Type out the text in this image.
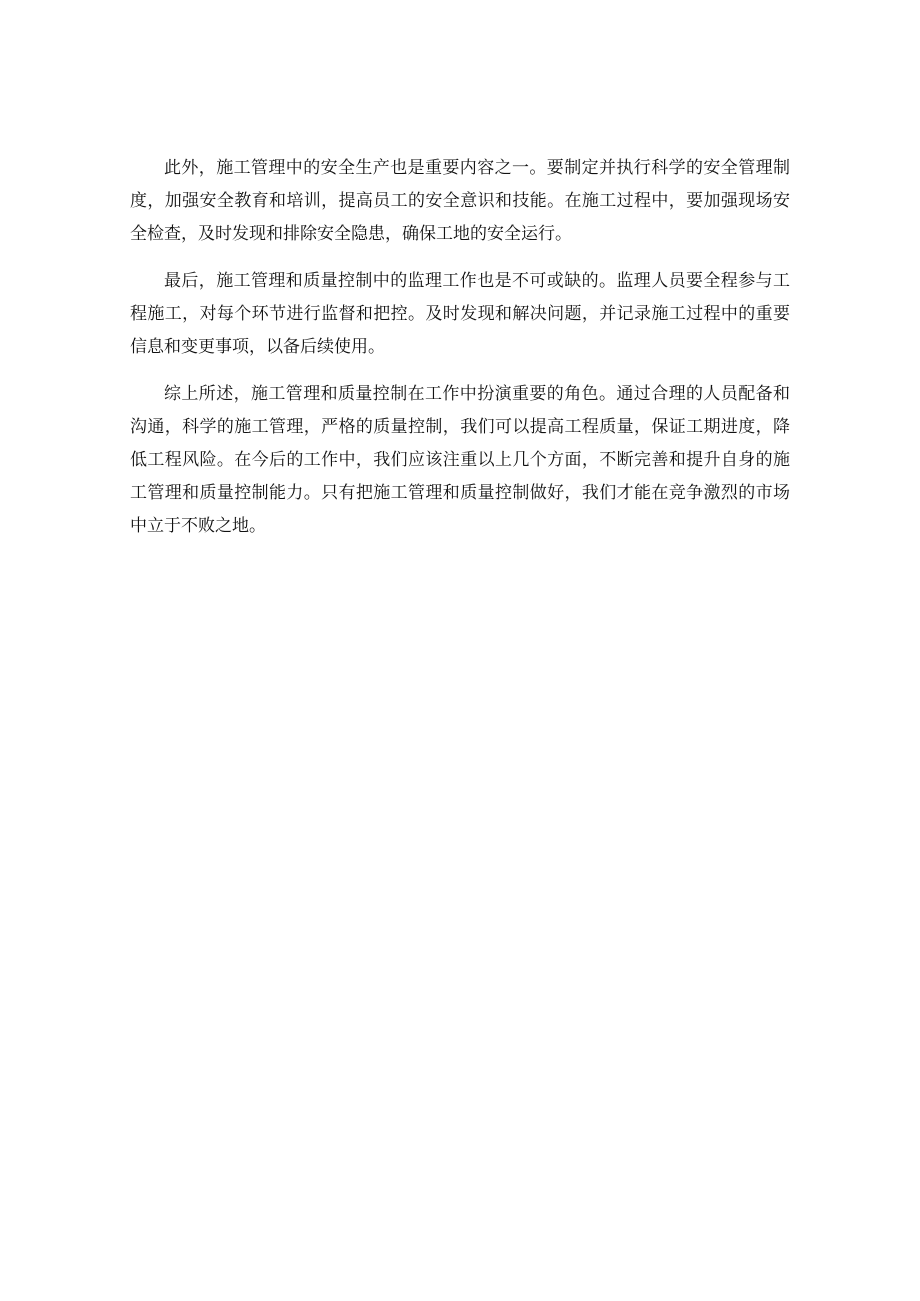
此外，施工管理中的安全生产也是重要内容之一。要制定并执行科学的安全管理制度，加强安全教育和培训，提高员工的安全意识和技能。在施工过程中，要加强现场安全检查，及时发现和排除安全隐患，确保工地的安全运行。

最后，施工管理和质量控制中的监理工作也是不可或缺的。监理人员要全程参与工程施工，对每个环节进行监督和把控。及时发现和解决问题，并记录施工过程中的重要信息和变更事项，以备后续使用。

综上所述，施工管理和质量控制在工作中扮演重要的角色。通过合理的人员配备和沟通，科学的施工管理，严格的质量控制，我们可以提高工程质量，保证工期进度，降低工程风险。在今后的工作中，我们应该注重以上几个方面，不断完善和提升自身的施工管理和质量控制能力。只有把施工管理和质量控制做好，我们才能在竞争激烈的市场中立于不败之地。
